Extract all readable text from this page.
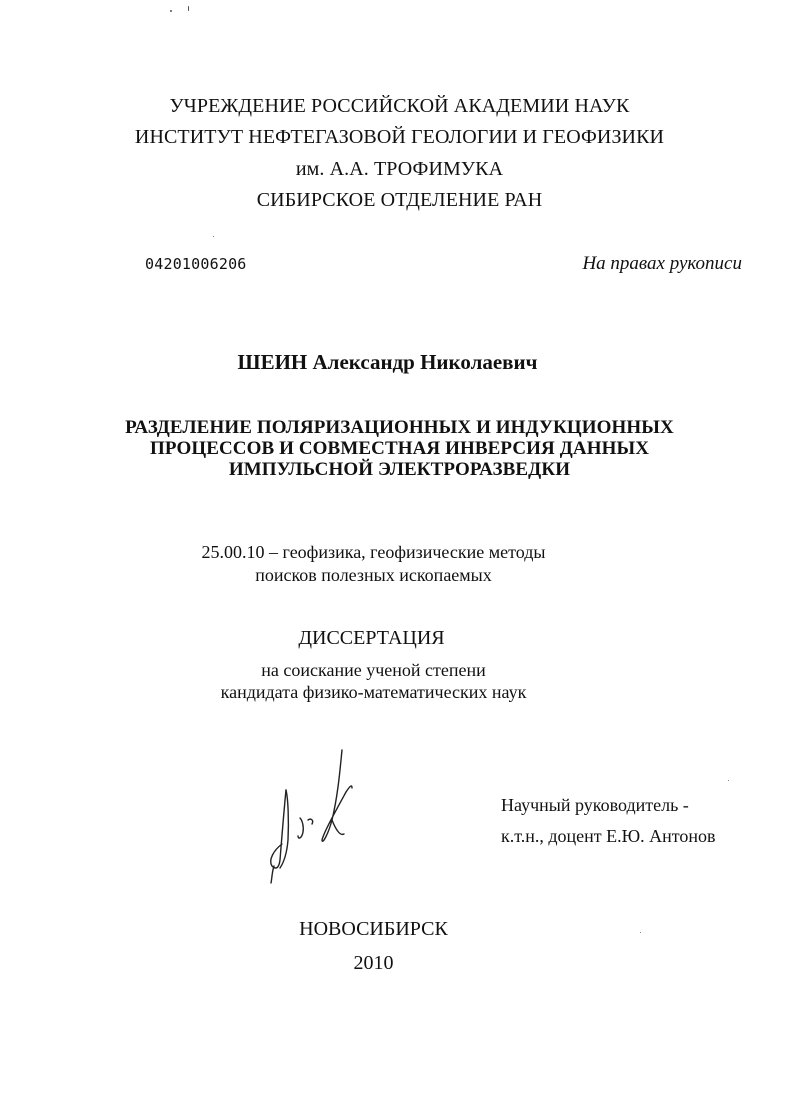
УЧРЕЖДЕНИЕ РОССИЙСКОЙ АКАДЕМИИ НАУК
ИНСТИТУТ НЕФТЕГАЗОВОЙ ГЕОЛОГИИ И ГЕОФИЗИКИ
им. А.А. ТРОФИМУКА
СИБИРСКОЕ ОТДЕЛЕНИЕ РАН
04201006206	На правах рукописи
ШЕИН Александр Николаевич
РАЗДЕЛЕНИЕ ПОЛЯРИЗАЦИОННЫХ И ИНДУКЦИОННЫХ
ПРОЦЕССОВ И СОВМЕСТНАЯ ИНВЕРСИЯ ДАННЫХ
ИМПУЛЬСНОЙ ЭЛЕКТРОРАЗВЕДКИ
25.00.10 – геофизика, геофизические методы
поисков полезных ископаемых
ДИССЕРТАЦИЯ
на соискание ученой степени
кандидата физико-математических наук
Научный руководитель -
к.т.н., доцент Е.Ю. Антонов
НОВОСИБИРСК
2010
